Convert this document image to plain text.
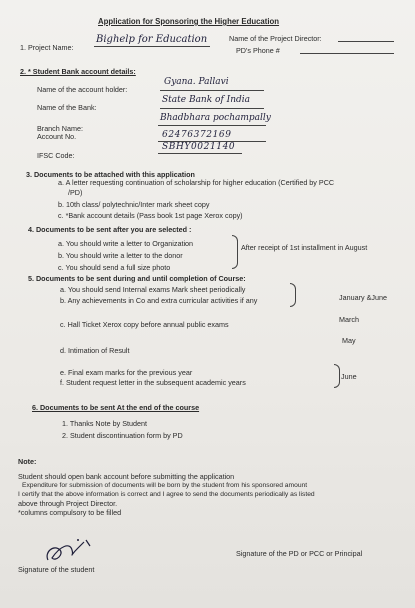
Application for Sponsoring the Higher Education
1. Project Name:
Bighelp for Education	Name of the Project Director:
PD's Phone #
2. * Student Bank account details:
Name of the account holder:
Gyana. Pallavi
Name of the Bank:
State Bank of India
Branch Name:
Bhadbhara pochampally
Account No.	62476372169
IFSC Code:
SBHY0021140
3. Documents to be attached with this application
a. A letter requesting continuation of scholarship for higher education (Certified by PCC
/PD)
b. 10th class/ polytechnic/Inter mark sheet copy
c. *Bank account details (Pass book 1st page Xerox copy)
4. Documents to be sent after you are selected :
a. You should write a letter to Organization
b. You should write a letter to the donor
c. You should send a full size photo
After receipt of 1st installment in August
5. Documents to be sent during and until completion of Course:
a. You should send Internal exams Mark sheet periodically
b. Any achievements in Co and extra curricular activities if any	January &June
c. Hall Ticket Xerox copy before annual public exams
March
d. Intimation of Result
May
e. Final exam marks for the previous year
f. Student request letter in the subsequent academic years
June
6. Documents to be sent At the end of the course
1. Thanks Note by Student
2. Student discontinuation form by PD
Note:
Student should open bank account before submitting the application
Expenditure for submission of documents will be born by the student from his sponsored amount
I certify that the above information is correct and I agree to send the documents periodically as listed
above through Project Director.
*columns compulsory to be filled
Signature of the student
Signature of the PD or PCC or Principal
